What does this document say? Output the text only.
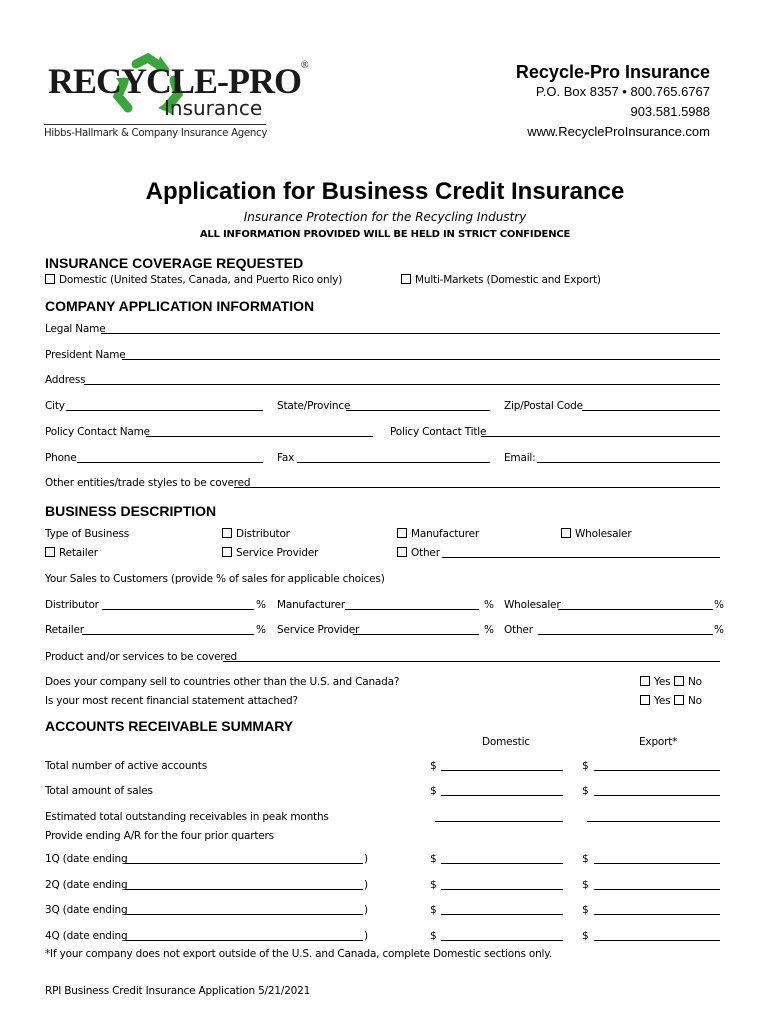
RECYCLE-PRO®
Insurance
Hibbs-Hallmark & Company Insurance Agency
Recycle-Pro Insurance
P.O. Box 8357 • 800.765.6767
903.581.5988
www.RecycleProInsurance.com
Application for Business Credit Insurance
Insurance Protection for the Recycling Industry
ALL INFORMATION PROVIDED WILL BE HELD IN STRICT CONFIDENCE
INSURANCE COVERAGE REQUESTED
Domestic (United States, Canada, and Puerto Rico only)	Multi-Markets (Domestic and Export)
COMPANY APPLICATION INFORMATION
Legal Name
President Name
Address
City	State/Province	Zip/Postal Code
Policy Contact Name	Policy Contact Title
Phone	Fax	Email:
Other entities/trade styles to be covered
BUSINESS DESCRIPTION
Type of Business	Distributor	Manufacturer	Wholesaler
Retailer	Service Provider	Other
Your Sales to Customers (provide % of sales for applicable choices)
Distributor	% Manufacturer	% Wholesaler	%
Retailer	% Service Provider	% Other	%
Product and/or services to be covered
Does your company sell to countries other than the U.S. and Canada?	Yes	No
Is your most recent financial statement attached?	Yes	No
ACCOUNTS RECEIVABLE SUMMARY
Domestic	Export*
Total number of active accounts	$	$
Total amount of sales	$	$
Estimated total outstanding receivables in peak months
Provide ending A/R for the four prior quarters
1Q (date ending	)	$	$
2Q (date ending	)	$	$
3Q (date ending	)	$	$
4Q (date ending	)	$	$
*If your company does not export outside of the U.S. and Canada, complete Domestic sections only.
RPI Business Credit Insurance Application 5/21/2021
